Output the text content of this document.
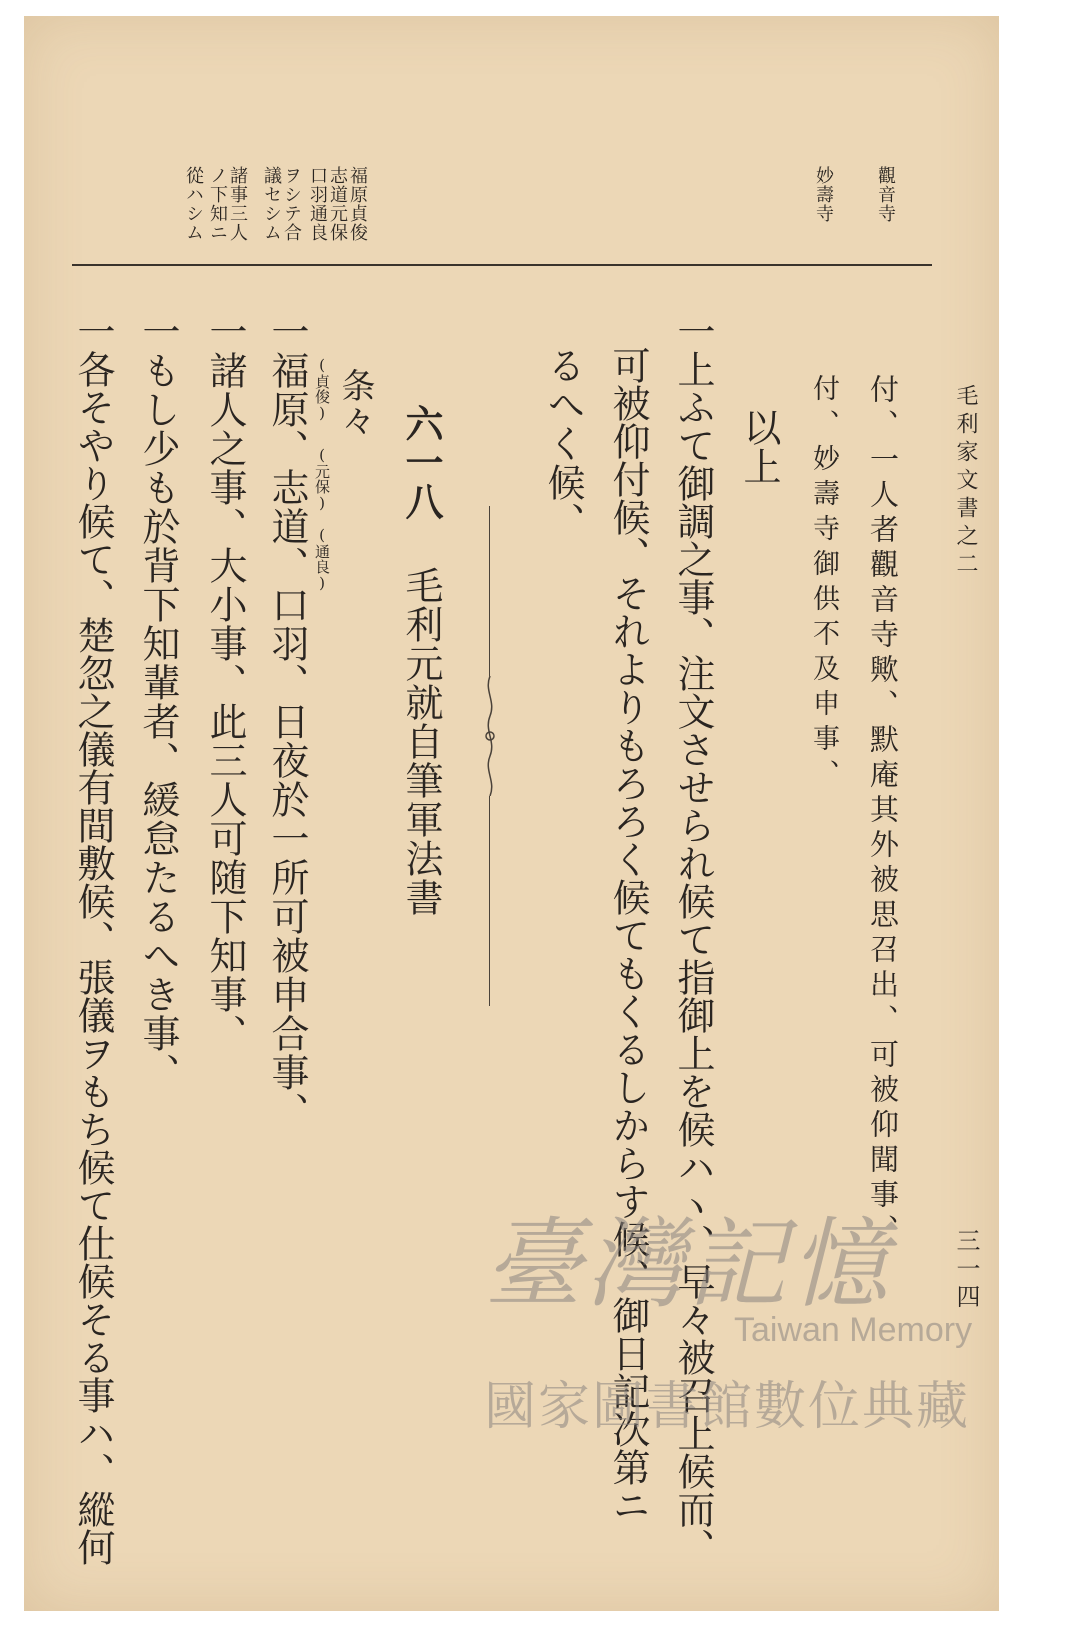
毛利家文書之二
三一四
觀音寺
妙壽寺
福原貞俊
志道元保
口羽通良
ヲシテ合
議セシム
諸事三人
ノ下知ニ
從ハシム
付、一人者觀音寺歟、默庵其外被思召出、可被仰聞事、
付、妙壽寺御供不及申事、
以上
一上ふて御調之事、注文させられ候て指御上を候ハヽ、早々被召上候而、
可被仰付候、それよりもろろく候てもくるしからす候、御日記次第ニ
るへく候、
六一八
毛利元就自筆軍法書
条々
(貞俊)
(元保)
(通良)
一福原、志道、口羽、日夜於一所可被申合事、
一諸人之事、大小事、此三人可随下知事、
一もし少も於背下知輩者、緩怠たるへき事、
一各そやり候て、楚忽之儀有間敷候、張儀ヲもち候て仕候そる事ハ、縱何	臺灣記憶
Taiwan Memory
國家圖書館數位典藏
